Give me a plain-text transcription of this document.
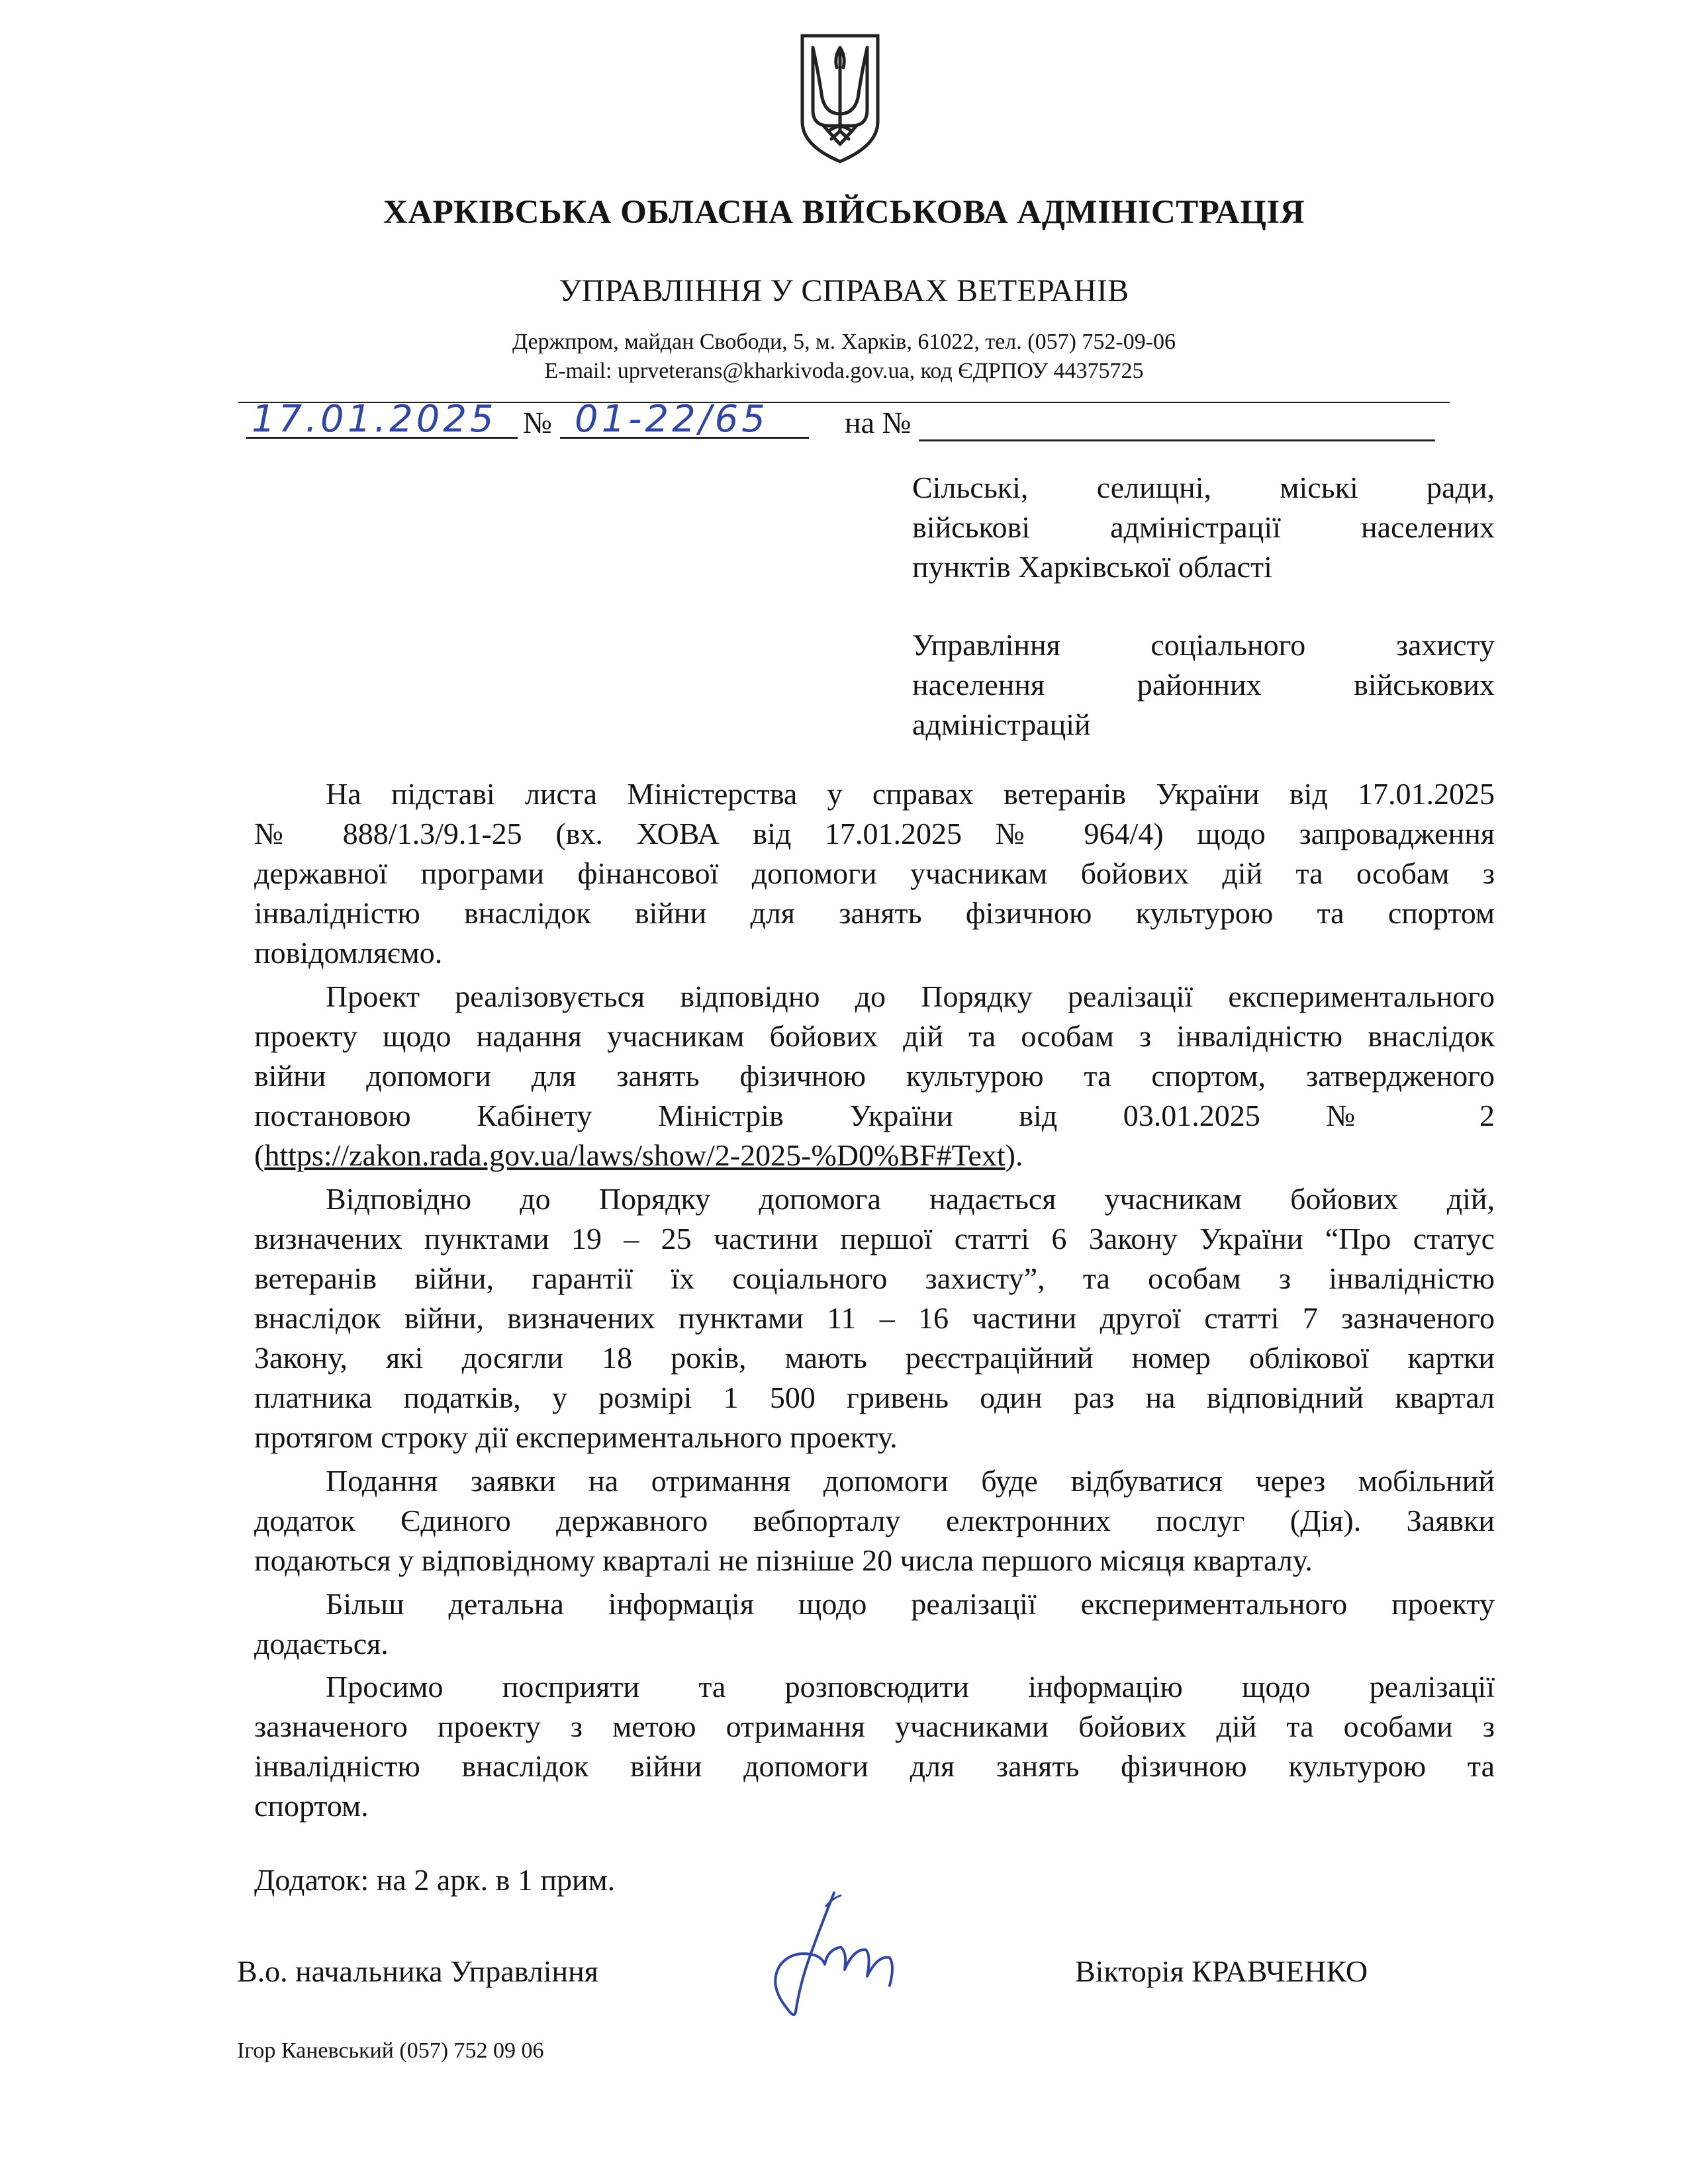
ХАРКІВСЬКА ОБЛАСНА ВІЙСЬКОВА АДМІНІСТРАЦІЯ
УПРАВЛІННЯ У СПРАВАХ ВЕТЕРАНІВ
Держпром, майдан Свободи, 5, м. Харків, 61022, тел. (057) 752-09-06
E-mail: uprveterans@kharkivoda.gov.ua, код ЄДРПОУ 44375725
17.01.2025 № 01-22/65	на №
Сільські, селищні, міські ради,
військові адміністрації населених
пунктів Харківської області
Управління соціального захисту
населення районних військових
адміністрацій
На підставі листа Міністерства у справах ветеранів України від 17.01.2025
№ 888/1.3/9.1-25 (вх. ХОВА від 17.01.2025 № 964/4) щодо запровадження
державної програми фінансової допомоги учасникам бойових дій та особам з
інвалідністю внаслідок війни для занять фізичною культурою та спортом
повідомляємо.
Проект реалізовується відповідно до Порядку реалізації експериментального
проекту щодо надання учасникам бойових дій та особам з інвалідністю внаслідок
війни допомоги для занять фізичною культурою та спортом, затвердженого
постановою Кабінету Міністрів України від 03.01.2025 № 2
(https://zakon.rada.gov.ua/laws/show/2-2025-%D0%BF#Text).
Відповідно до Порядку допомога надається учасникам бойових дій,
визначених пунктами 19 – 25 частини першої статті 6 Закону України “Про статус
ветеранів війни, гарантії їх соціального захисту”, та особам з інвалідністю
внаслідок війни, визначених пунктами 11 – 16 частини другої статті 7 зазначеного
Закону, які досягли 18 років, мають реєстраційний номер облікової картки
платника податків, у розмірі 1 500 гривень один раз на відповідний квартал
протягом строку дії експериментального проекту.
Подання заявки на отримання допомоги буде відбуватися через мобільний
додаток Єдиного державного вебпорталу електронних послуг (Дія). Заявки
подаються у відповідному кварталі не пізніше 20 числа першого місяця кварталу.
Більш детальна інформація щодо реалізації експериментального проекту
додається.
Просимо посприяти та розповсюдити інформацію щодо реалізації
зазначеного проекту з метою отримання учасниками бойових дій та особами з
інвалідністю внаслідок війни допомоги для занять фізичною культурою та
спортом.
Додаток: на 2 арк. в 1 прим.
В.о. начальника Управління	Вікторія КРАВЧЕНКО
Ігор Каневський (057) 752 09 06
